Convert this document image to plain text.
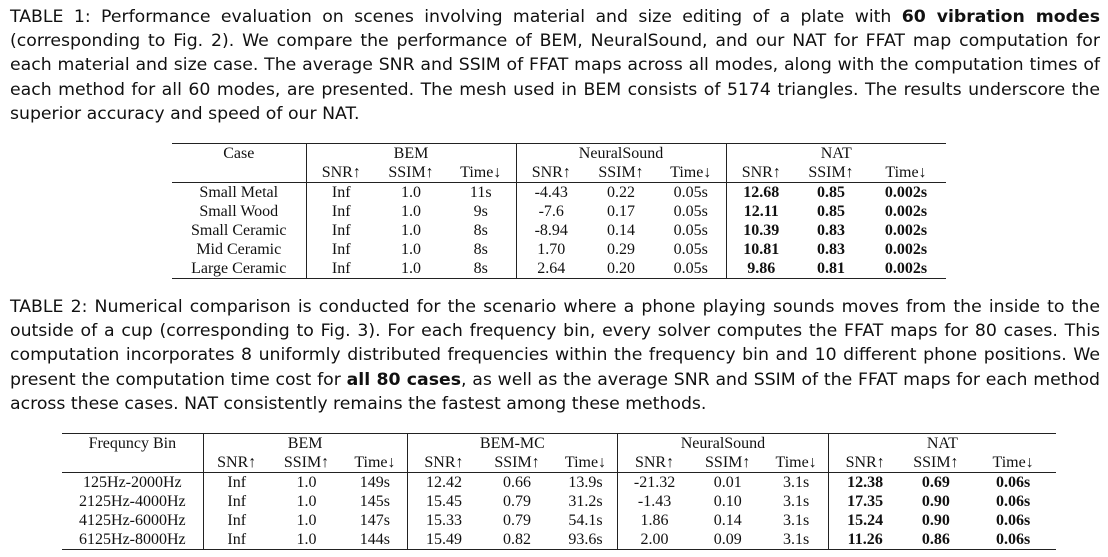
TABLE 1: Performance evaluation on scenes involving material and size editing of a plate with 60 vibration modes (corresponding to Fig. 2). We compare the performance of BEM, NeuralSound, and our NAT for FFAT map computation for each material and size case. The average SNR and SSIM of FFAT maps across all modes, along with the computation times of each method for all 60 modes, are presented. The mesh used in BEM consists of 5174 triangles. The results underscore the superior accuracy and speed of our NAT.
Case	BEM			NeuralSound			NAT		
	SNR↑	SSIM↑	Time↓	SNR↑	SSIM↑	Time↓	SNR↑	SSIM↑	Time↓
Small Metal	Inf	1.0	11s	-4.43	0.22	0.05s	12.68	0.85	0.002s
Small Wood	Inf	1.0	9s	-7.6	0.17	0.05s	12.11	0.85	0.002s
Small Ceramic	Inf	1.0	8s	-8.94	0.14	0.05s	10.39	0.83	0.002s
Mid Ceramic	Inf	1.0	8s	1.70	0.29	0.05s	10.81	0.83	0.002s
Large Ceramic	Inf	1.0	8s	2.64	0.20	0.05s	9.86	0.81	0.002s
TABLE 2: Numerical comparison is conducted for the scenario where a phone playing sounds moves from the inside to the outside of a cup (corresponding to Fig. 3). For each frequency bin, every solver computes the FFAT maps for 80 cases. This computation incorporates 8 uniformly distributed frequencies within the frequency bin and 10 different phone positions. We present the computation time cost for all 80 cases, as well as the average SNR and SSIM of the FFAT maps for each method across these cases. NAT consistently remains the fastest among these methods.
Frequncy Bin	BEM			BEM-MC			NeuralSound			NAT		
	SNR↑	SSIM↑	Time↓	SNR↑	SSIM↑	Time↓	SNR↑	SSIM↑	Time↓	SNR↑	SSIM↑	Time↓
125Hz-2000Hz	Inf	1.0	149s	12.42	0.66	13.9s	-21.32	0.01	3.1s	12.38	0.69	0.06s
2125Hz-4000Hz	Inf	1.0	145s	15.45	0.79	31.2s	-1.43	0.10	3.1s	17.35	0.90	0.06s
4125Hz-6000Hz	Inf	1.0	147s	15.33	0.79	54.1s	1.86	0.14	3.1s	15.24	0.90	0.06s
6125Hz-8000Hz	Inf	1.0	144s	15.49	0.82	93.6s	2.00	0.09	3.1s	11.26	0.86	0.06s
